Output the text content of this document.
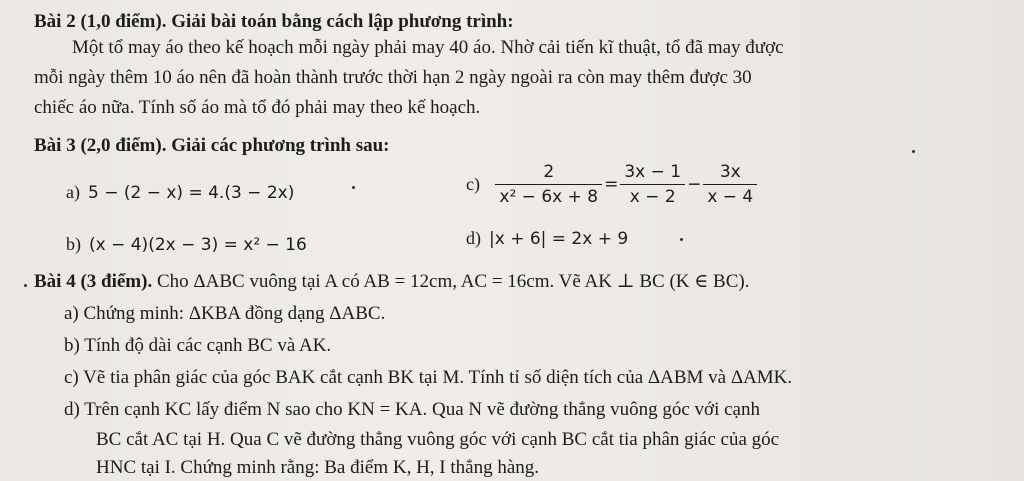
Bài 2 (1,0 điểm). Giải bài toán bằng cách lập phương trình:
Một tổ may áo theo kế hoạch mỗi ngày phải may 40 áo. Nhờ cải tiến kĩ thuật, tổ đã may được
mỗi ngày thêm 10 áo nên đã hoàn thành trước thời hạn 2 ngày ngoài ra còn may thêm được 30
chiếc áo nữa. Tính số áo mà tổ đó phải may theo kế hoạch.
Bài 3 (2,0 điểm). Giải các phương trình sau:
a) 5 − (2 − x) = 4.(3 − 2x)	$c) \frac{2}{\text{x² − 6x + 8}} = \frac{3x - 1}{x - 2} - \frac{3x}{x - 4}$
b) (x − 4)(2x − 3) = x² − 16	d) |x + 6| = 2x + 9
Bài 4 (3 điểm). Cho ΔABC vuông tại A có AB = 12cm, AC = 16cm. Vẽ AK ⊥ BC (K ∈ BC).
a) Chứng minh: ΔKBA đồng dạng ΔABC.
b) Tính độ dài các cạnh BC và AK.
c) Vẽ tia phân giác của góc BAK cắt cạnh BK tại M. Tính tỉ số diện tích của ΔABM và ΔAMK.
d) Trên cạnh KC lấy điểm N sao cho KN = KA. Qua N vẽ đường thẳng vuông góc với cạnh
BC cắt AC tại H. Qua C vẽ đường thẳng vuông góc với cạnh BC cắt tia phân giác của góc
HNC tại I. Chứng minh rằng: Ba điểm K, H, I thẳng hàng.
